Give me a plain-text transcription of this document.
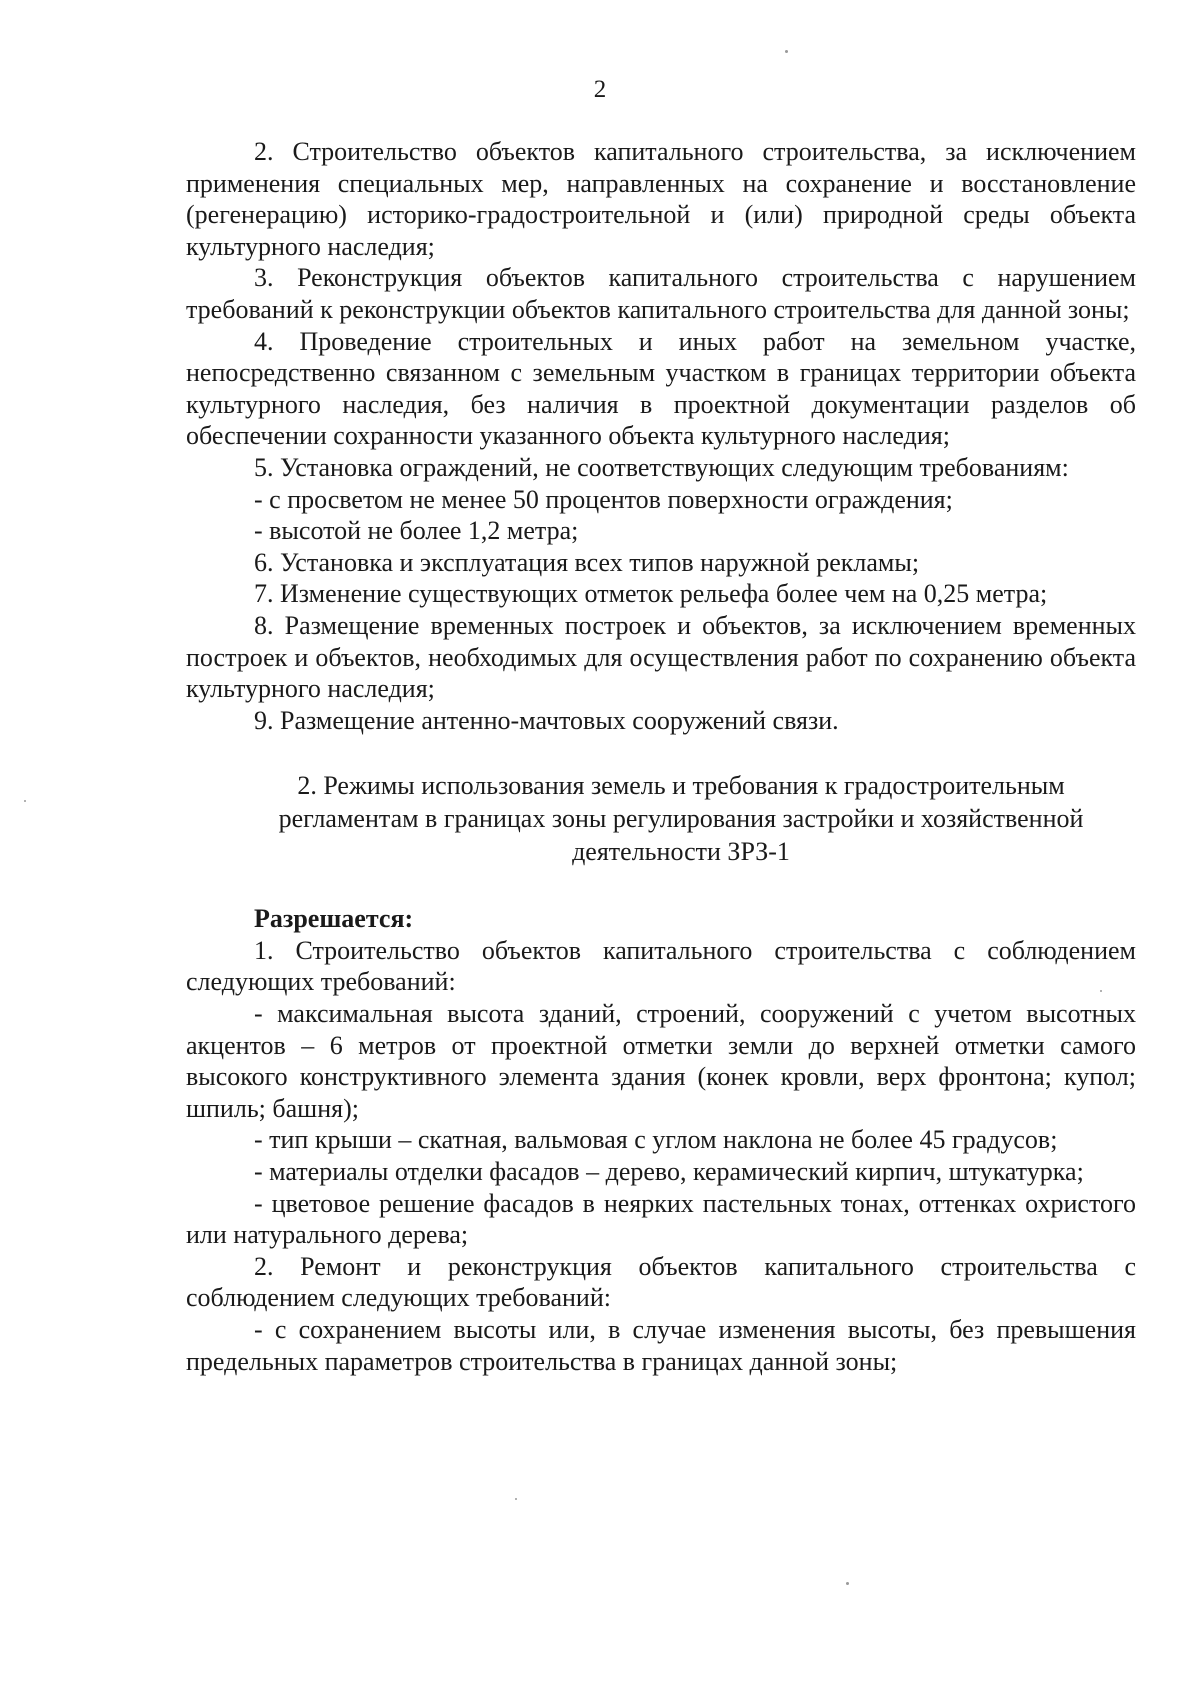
2

2. Строительство объектов капитального строительства, за исключением применения специальных мер, направленных на сохранение и восстановление (регенерацию) историко-градостроительной и (или) природной среды объекта культурного наследия;

3. Реконструкция объектов капитального строительства с нарушением требований к реконструкции объектов капитального строительства для данной зоны;

4. Проведение строительных и иных работ на земельном участке, непосредственно связанном с земельным участком в границах территории объекта культурного наследия, без наличия в проектной документации разделов об обеспечении сохранности указанного объекта культурного наследия;

5. Установка ограждений, не соответствующих следующим требованиям:

- с просветом не менее 50 процентов поверхности ограждения;

- высотой не более 1,2 метра;

6. Установка и эксплуатация всех типов наружной рекламы;

7. Изменение существующих отметок рельефа более чем на 0,25 метра;

8. Размещение временных построек и объектов, за исключением временных построек и объектов, необходимых для осуществления работ по сохранению объекта культурного наследия;

9. Размещение антенно-мачтовых сооружений связи.

2. Режимы использования земель и требования к градостроительным
регламентам в границах зоны регулирования застройки и хозяйственной
деятельности ЗРЗ-1

Разрешается:

1. Строительство объектов капитального строительства с соблюдением следующих требований:

- максимальная высота зданий, строений, сооружений с учетом высотных акцентов – 6 метров от проектной отметки земли до верхней отметки самого высокого конструктивного элемента здания (конек кровли, верх фронтона; купол; шпиль; башня);

- тип крыши – скатная, вальмовая с углом наклона не более 45 градусов;

- материалы отделки фасадов – дерево, керамический кирпич, штукатурка;

- цветовое решение фасадов в неярких пастельных тонах, оттенках охристого или натурального дерева;

2. Ремонт и реконструкция объектов капитального строительства с соблюдением следующих требований:

- с сохранением высоты или, в случае изменения высоты, без превышения предельных параметров строительства в границах данной зоны;
